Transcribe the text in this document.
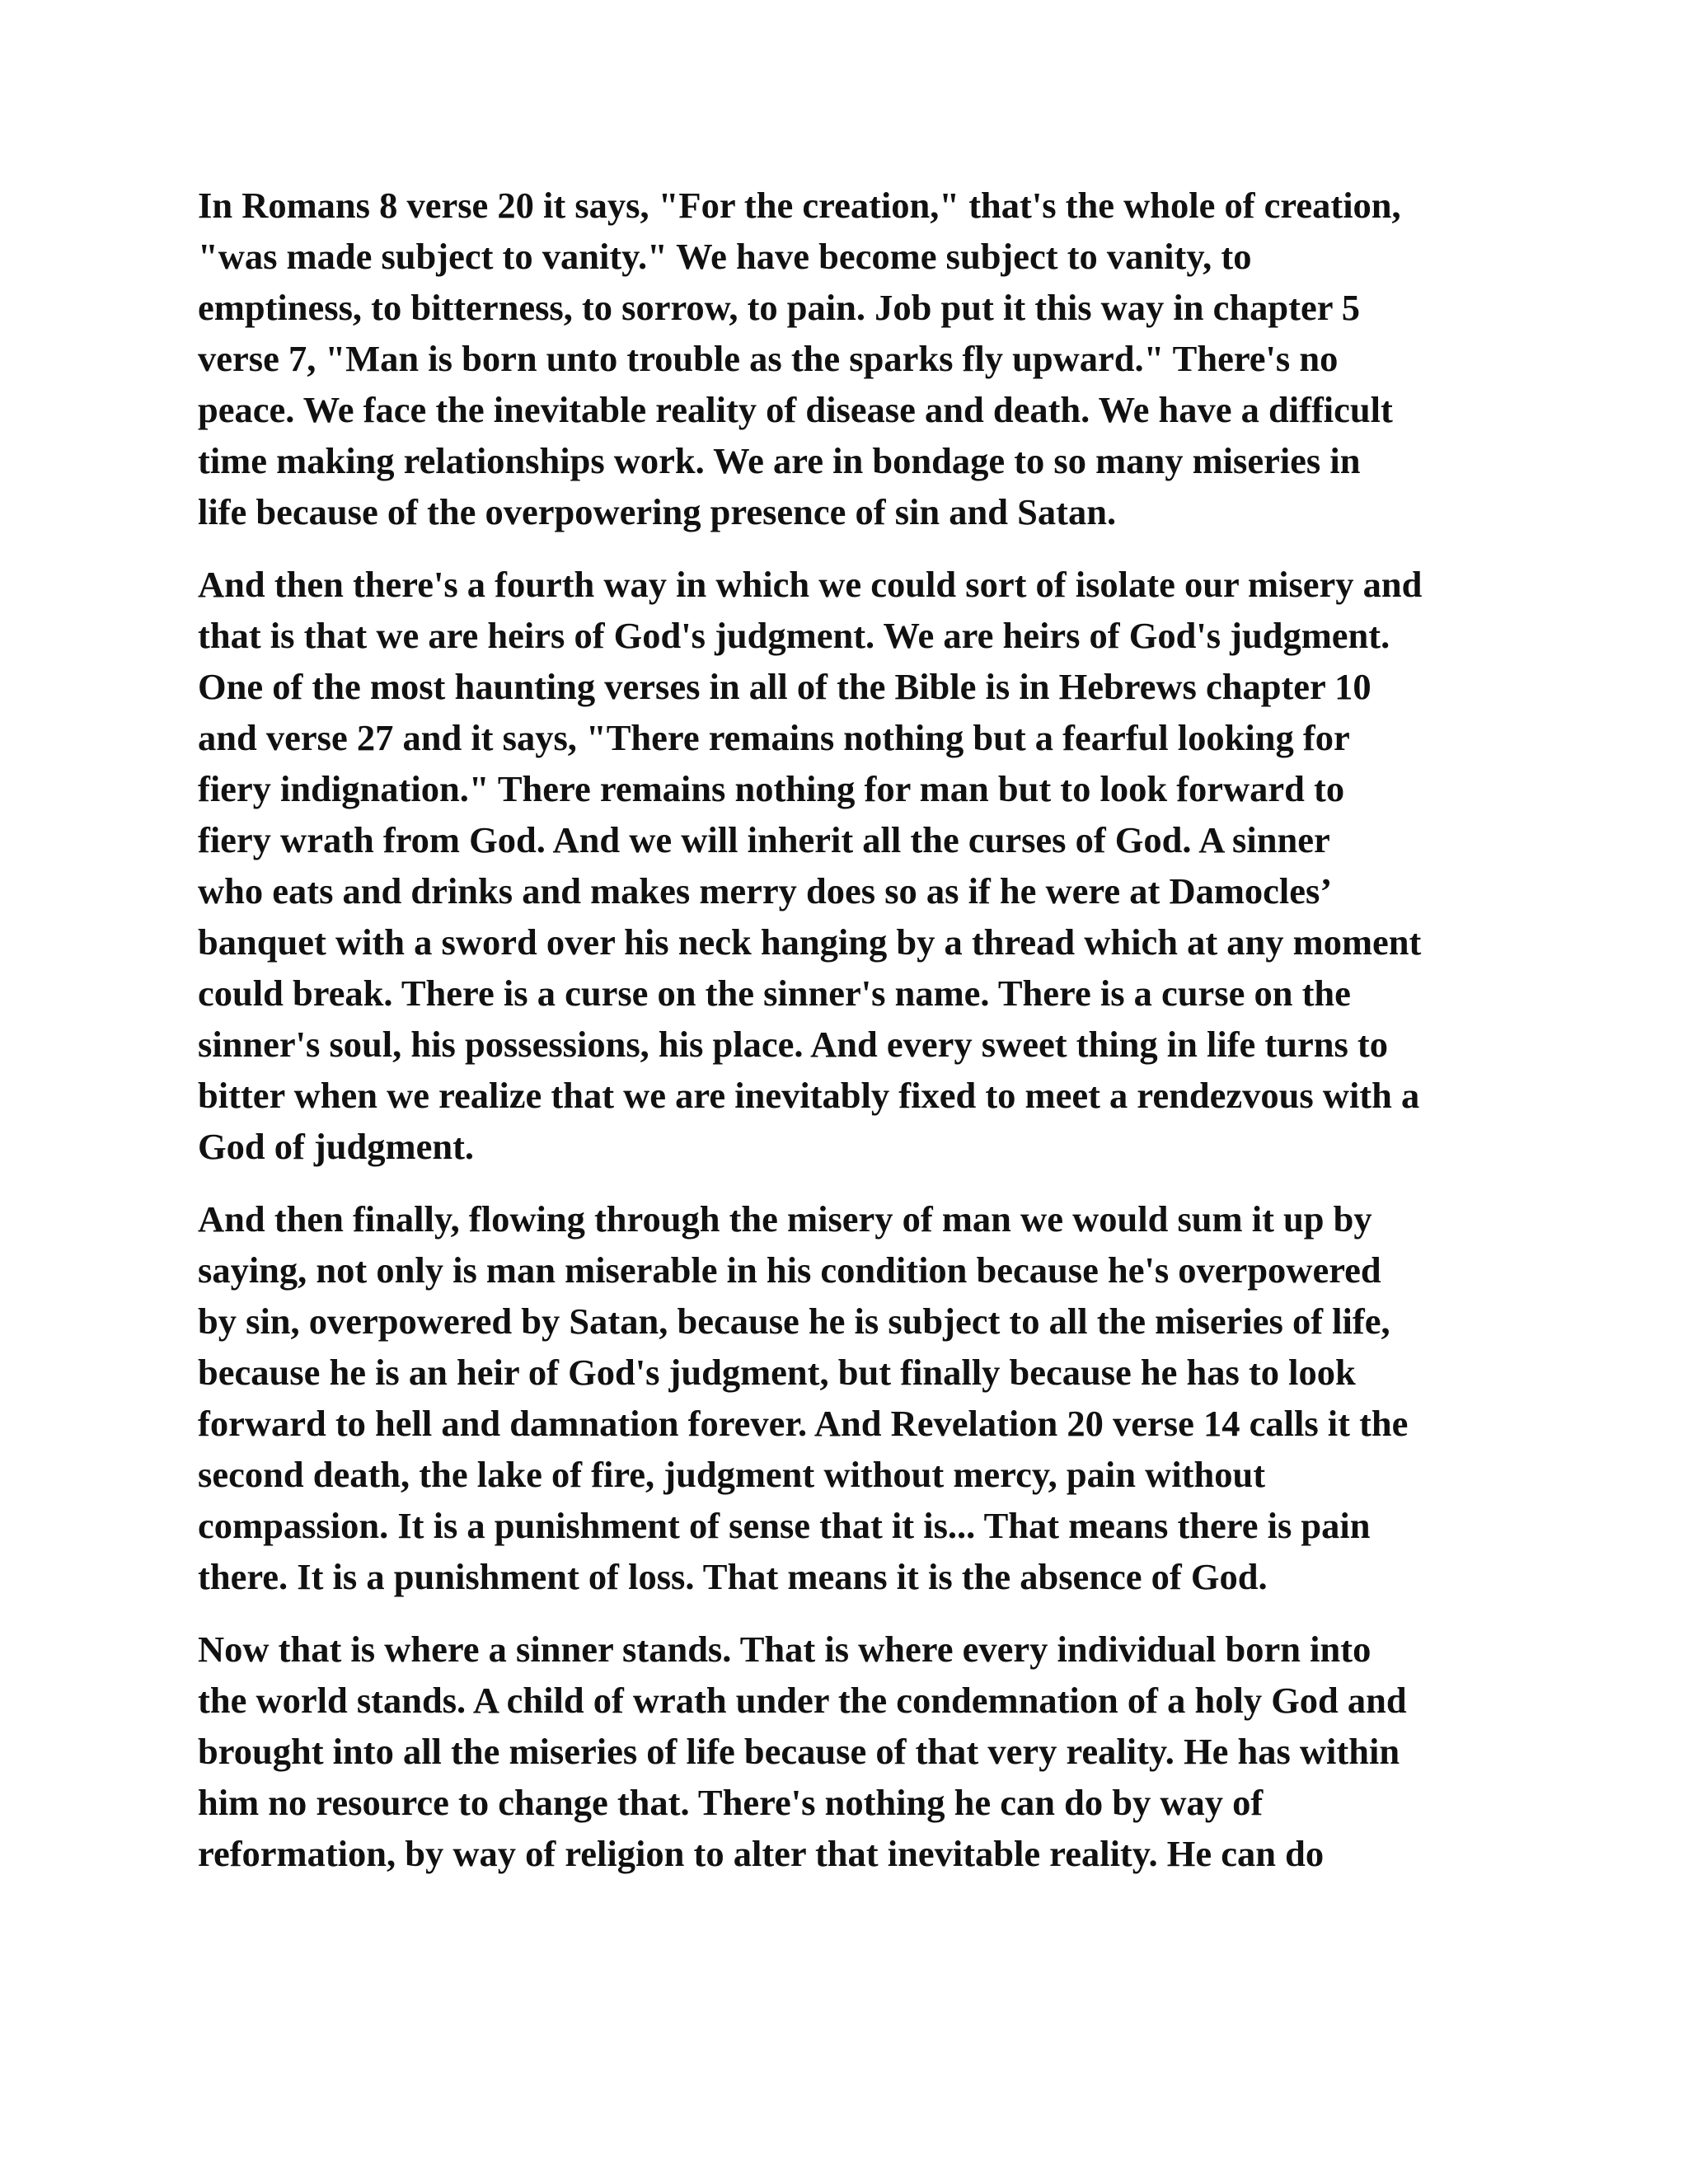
In Romans 8 verse 20 it says, "For the creation," that's the whole of creation,
"was made subject to vanity." We have become subject to vanity, to
emptiness, to bitterness, to sorrow, to pain. Job put it this way in chapter 5
verse 7, "Man is born unto trouble as the sparks fly upward." There's no
peace. We face the inevitable reality of disease and death. We have a difficult
time making relationships work. We are in bondage to so many miseries in
life because of the overpowering presence of sin and Satan.

And then there's a fourth way in which we could sort of isolate our misery and
that is that we are heirs of God's judgment. We are heirs of God's judgment.
One of the most haunting verses in all of the Bible is in Hebrews chapter 10
and verse 27 and it says, "There remains nothing but a fearful looking for
fiery indignation." There remains nothing for man but to look forward to
fiery wrath from God. And we will inherit all the curses of God. A sinner
who eats and drinks and makes merry does so as if he were at Damocles’
banquet with a sword over his neck hanging by a thread which at any moment
could break. There is a curse on the sinner's name. There is a curse on the
sinner's soul, his possessions, his place. And every sweet thing in life turns to
bitter when we realize that we are inevitably fixed to meet a rendezvous with a
God of judgment.

And then finally, flowing through the misery of man we would sum it up by
saying, not only is man miserable in his condition because he's overpowered
by sin, overpowered by Satan, because he is subject to all the miseries of life,
because he is an heir of God's judgment, but finally because he has to look
forward to hell and damnation forever. And Revelation 20 verse 14 calls it the
second death, the lake of fire, judgment without mercy, pain without
compassion. It is a punishment of sense that it is... That means there is pain
there. It is a punishment of loss. That means it is the absence of God.

Now that is where a sinner stands. That is where every individual born into
the world stands. A child of wrath under the condemnation of a holy God and
brought into all the miseries of life because of that very reality. He has within
him no resource to change that. There's nothing he can do by way of
reformation, by way of religion to alter that inevitable reality. He can do
